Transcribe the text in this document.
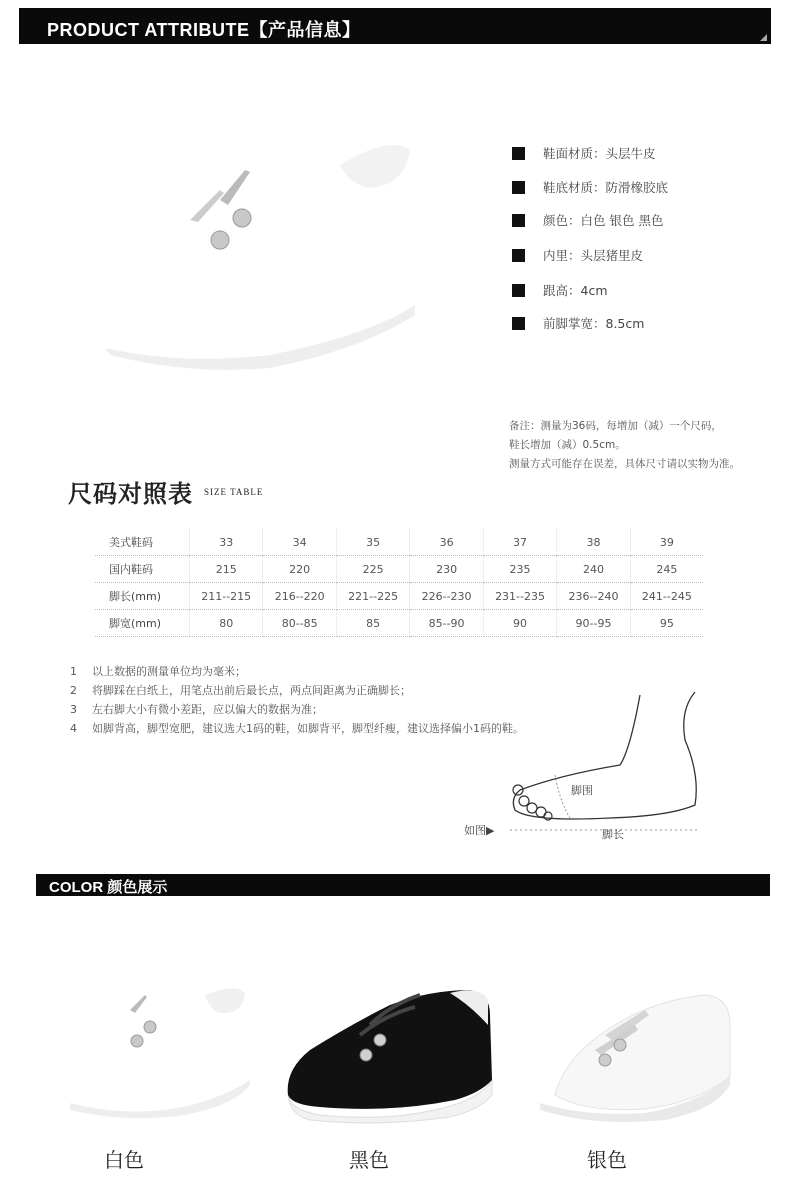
PRODUCT ATTRIBUTE【产品信息】
鞋面材质：头层牛皮
鞋底材质：防滑橡胶底
颜色：白色 银色 黑色
内里：头层猪里皮
跟高：4cm
前脚掌宽：8.5cm
备注：测量为36码，每增加（减）一个尺码，
鞋长增加（减）0.5cm。
测量方式可能存在误差，具体尺寸请以实物为准。
尺码对照表 SIZE TABLE
美式鞋码	33	34	35	36	37	38	39
国内鞋码	215	220	225	230	235	240	245
脚长(mm)	211--215	216--220	221--225	226--230	231--235	236--240	241--245
脚宽(mm)	80	80--85	85	85--90	90	90--95	95
1 以上数据的测量单位均为毫米；
2 将脚踩在白纸上，用笔点出前后最长点，两点间距离为正确脚长；
3 左右脚大小有微小差距，应以偏大的数据为准；
4 如脚背高，脚型宽肥，建议选大1码的鞋，如脚背平，脚型纤瘦，建议选择偏小1码的鞋。
脚围
脚长
如图▶
COLOR 颜色展示
白色	黑色	银色
